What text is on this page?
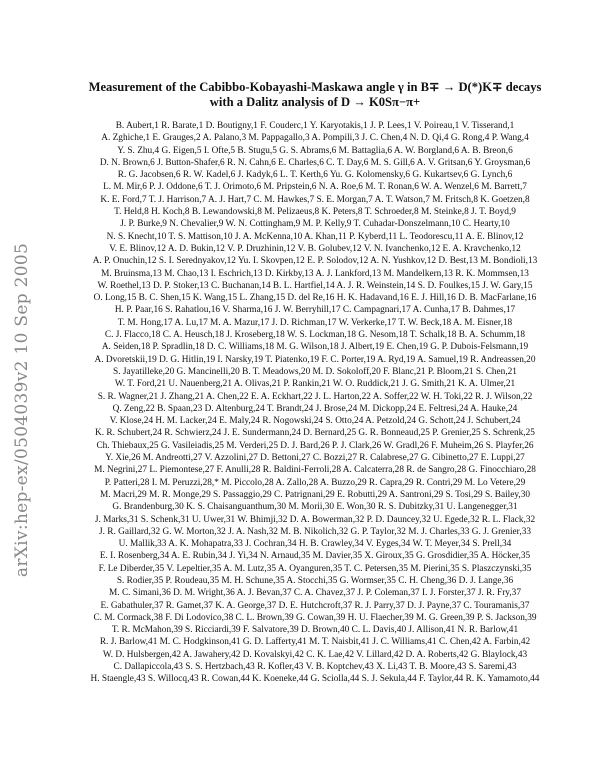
arXiv:hep-ex/0504039v2 10 Sep 2005
Measurement of the Cabibbo-Kobayashi-Maskawa angle γ in B∓ → D(*)K∓ decays
with a Dalitz analysis of D → K0Sπ−π+
B. Aubert,1 R. Barate,1 D. Boutigny,1 F. Couderc,1 Y. Karyotakis,1 J. P. Lees,1 V. Poireau,1 V. Tisserand,1
A. Zghiche,1 E. Grauges,2 A. Palano,3 M. Pappagallo,3 A. Pompili,3 J. C. Chen,4 N. D. Qi,4 G. Rong,4 P. Wang,4
Y. S. Zhu,4 G. Eigen,5 I. Ofte,5 B. Stugu,5 G. S. Abrams,6 M. Battaglia,6 A. W. Borgland,6 A. B. Breon,6
D. N. Brown,6 J. Button-Shafer,6 R. N. Cahn,6 E. Charles,6 C. T. Day,6 M. S. Gill,6 A. V. Gritsan,6 Y. Groysman,6
R. G. Jacobsen,6 R. W. Kadel,6 J. Kadyk,6 L. T. Kerth,6 Yu. G. Kolomensky,6 G. Kukartsev,6 G. Lynch,6
L. M. Mir,6 P. J. Oddone,6 T. J. Orimoto,6 M. Pripstein,6 N. A. Roe,6 M. T. Ronan,6 W. A. Wenzel,6 M. Barrett,7
K. E. Ford,7 T. J. Harrison,7 A. J. Hart,7 C. M. Hawkes,7 S. E. Morgan,7 A. T. Watson,7 M. Fritsch,8 K. Goetzen,8
T. Held,8 H. Koch,8 B. Lewandowski,8 M. Pelizaeus,8 K. Peters,8 T. Schroeder,8 M. Steinke,8 J. T. Boyd,9
J. P. Burke,9 N. Chevalier,9 W. N. Cottingham,9 M. P. Kelly,9 T. Cuhadar-Donszelmann,10 C. Hearty,10
N. S. Knecht,10 T. S. Mattison,10 J. A. McKenna,10 A. Khan,11 P. Kyberd,11 L. Teodorescu,11 A. E. Blinov,12
V. E. Blinov,12 A. D. Bukin,12 V. P. Druzhinin,12 V. B. Golubev,12 V. N. Ivanchenko,12 E. A. Kravchenko,12
A. P. Onuchin,12 S. I. Serednyakov,12 Yu. I. Skovpen,12 E. P. Solodov,12 A. N. Yushkov,12 D. Best,13 M. Bondioli,13
M. Bruinsma,13 M. Chao,13 I. Eschrich,13 D. Kirkby,13 A. J. Lankford,13 M. Mandelkern,13 R. K. Mommsen,13
W. Roethel,13 D. P. Stoker,13 C. Buchanan,14 B. L. Hartfiel,14 A. J. R. Weinstein,14 S. D. Foulkes,15 J. W. Gary,15
O. Long,15 B. C. Shen,15 K. Wang,15 L. Zhang,15 D. del Re,16 H. K. Hadavand,16 E. J. Hill,16 D. B. MacFarlane,16
H. P. Paar,16 S. Rahatlou,16 V. Sharma,16 J. W. Berryhill,17 C. Campagnari,17 A. Cunha,17 B. Dahmes,17
T. M. Hong,17 A. Lu,17 M. A. Mazur,17 J. D. Richman,17 W. Verkerke,17 T. W. Beck,18 A. M. Eisner,18
C. J. Flacco,18 C. A. Heusch,18 J. Kroseberg,18 W. S. Lockman,18 G. Nesom,18 T. Schalk,18 B. A. Schumm,18
A. Seiden,18 P. Spradlin,18 D. C. Williams,18 M. G. Wilson,18 J. Albert,19 E. Chen,19 G. P. Dubois-Felsmann,19
A. Dvoretskii,19 D. G. Hitlin,19 I. Narsky,19 T. Piatenko,19 F. C. Porter,19 A. Ryd,19 A. Samuel,19 R. Andreassen,20
S. Jayatilleke,20 G. Mancinelli,20 B. T. Meadows,20 M. D. Sokoloff,20 F. Blanc,21 P. Bloom,21 S. Chen,21
W. T. Ford,21 U. Nauenberg,21 A. Olivas,21 P. Rankin,21 W. O. Ruddick,21 J. G. Smith,21 K. A. Ulmer,21
S. R. Wagner,21 J. Zhang,21 A. Chen,22 E. A. Eckhart,22 J. L. Harton,22 A. Soffer,22 W. H. Toki,22 R. J. Wilson,22
Q. Zeng,22 B. Spaan,23 D. Altenburg,24 T. Brandt,24 J. Brose,24 M. Dickopp,24 E. Feltresi,24 A. Hauke,24
V. Klose,24 H. M. Lacker,24 E. Maly,24 R. Nogowski,24 S. Otto,24 A. Petzold,24 G. Schott,24 J. Schubert,24
K. R. Schubert,24 R. Schwierz,24 J. E. Sundermann,24 D. Bernard,25 G. R. Bonneaud,25 P. Grenier,25 S. Schrenk,25
Ch. Thiebaux,25 G. Vasileiadis,25 M. Verderi,25 D. J. Bard,26 P. J. Clark,26 W. Gradl,26 F. Muheim,26 S. Playfer,26
Y. Xie,26 M. Andreotti,27 V. Azzolini,27 D. Bettoni,27 C. Bozzi,27 R. Calabrese,27 G. Cibinetto,27 E. Luppi,27
M. Negrini,27 L. Piemontese,27 F. Anulli,28 R. Baldini-Ferroli,28 A. Calcaterra,28 R. de Sangro,28 G. Finocchiaro,28
P. Patteri,28 I. M. Peruzzi,28,* M. Piccolo,28 A. Zallo,28 A. Buzzo,29 R. Capra,29 R. Contri,29 M. Lo Vetere,29
M. Macri,29 M. R. Monge,29 S. Passaggio,29 C. Patrignani,29 E. Robutti,29 A. Santroni,29 S. Tosi,29 S. Bailey,30
G. Brandenburg,30 K. S. Chaisanguanthum,30 M. Morii,30 E. Won,30 R. S. Dubitzky,31 U. Langenegger,31
J. Marks,31 S. Schenk,31 U. Uwer,31 W. Bhimji,32 D. A. Bowerman,32 P. D. Dauncey,32 U. Egede,32 R. L. Flack,32
J. R. Gaillard,32 G. W. Morton,32 J. A. Nash,32 M. B. Nikolich,32 G. P. Taylor,32 M. J. Charles,33 G. J. Grenier,33
U. Mallik,33 A. K. Mohapatra,33 J. Cochran,34 H. B. Crawley,34 V. Eyges,34 W. T. Meyer,34 S. Prell,34
E. I. Rosenberg,34 A. E. Rubin,34 J. Yi,34 N. Arnaud,35 M. Davier,35 X. Giroux,35 G. Grosdidier,35 A. Höcker,35
F. Le Diberder,35 V. Lepeltier,35 A. M. Lutz,35 A. Oyanguren,35 T. C. Petersen,35 M. Pierini,35 S. Plaszczynski,35
S. Rodier,35 P. Roudeau,35 M. H. Schune,35 A. Stocchi,35 G. Wormser,35 C. H. Cheng,36 D. J. Lange,36
M. C. Simani,36 D. M. Wright,36 A. J. Bevan,37 C. A. Chavez,37 J. P. Coleman,37 I. J. Forster,37 J. R. Fry,37
E. Gabathuler,37 R. Gamet,37 K. A. George,37 D. E. Hutchcroft,37 R. J. Parry,37 D. J. Payne,37 C. Touramanis,37
C. M. Cormack,38 F. Di Lodovico,38 C. L. Brown,39 G. Cowan,39 H. U. Flaecher,39 M. G. Green,39 P. S. Jackson,39
T. R. McMahon,39 S. Ricciardi,39 F. Salvatore,39 D. Brown,40 C. L. Davis,40 J. Allison,41 N. R. Barlow,41
R. J. Barlow,41 M. C. Hodgkinson,41 G. D. Lafferty,41 M. T. Naisbit,41 J. C. Williams,41 C. Chen,42 A. Farbin,42
W. D. Hulsbergen,42 A. Jawahery,42 D. Kovalskyi,42 C. K. Lae,42 V. Lillard,42 D. A. Roberts,42 G. Blaylock,43
C. Dallapiccola,43 S. S. Hertzbach,43 R. Kofler,43 V. B. Koptchev,43 X. Li,43 T. B. Moore,43 S. Saremi,43
H. Staengle,43 S. Willocq,43 R. Cowan,44 K. Koeneke,44 G. Sciolla,44 S. J. Sekula,44 F. Taylor,44 R. K. Yamamoto,44
